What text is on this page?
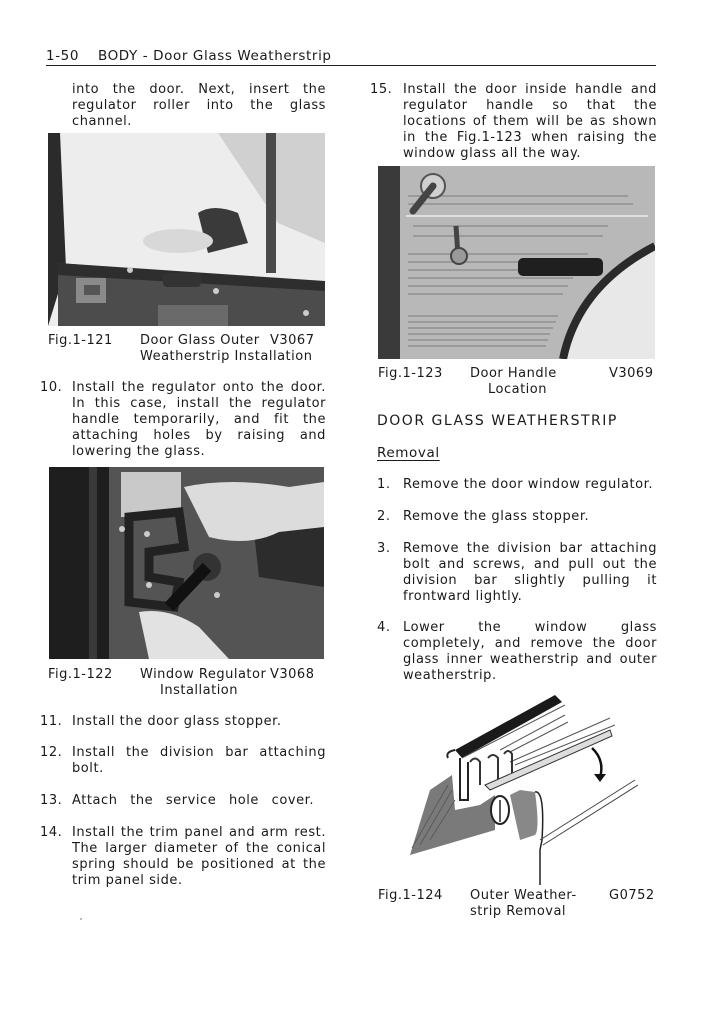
1-50 BODY - Door Glass Weatherstrip
into the door. Next, insert the regulator roller into the glass channel.
Fig.1-121 Door Glass Outer V3067
Weatherstrip Installation
10. Install the regulator onto the door. In this case, install the regulator handle temporarily, and fit the attaching holes by raising and lowering the glass.
Fig.1-122 Window Regulator V3068
Installation
11. Install the door glass stopper.
12. Install the division bar attaching bolt.
13. Attach the service hole cover.
14. Install the trim panel and arm rest. The larger diameter of the conical spring should be positioned at the trim panel side.
15. Install the door inside handle and regulator handle so that the locations of them will be as shown in the Fig.1-123 when raising the window glass all the way.
Fig.1-123 Door Handle	V3069
Location
DOOR GLASS WEATHERSTRIP
Removal
1. Remove the door window regulator.
2. Remove the glass stopper.
3. Remove the division bar attaching bolt and screws, and pull out the division bar slightly pulling it frontward lightly.
4. Lower the window glass completely, and remove the door glass inner weatherstrip and outer weatherstrip.
Fig.1-124 Outer Weather- G0752
strip Removal
